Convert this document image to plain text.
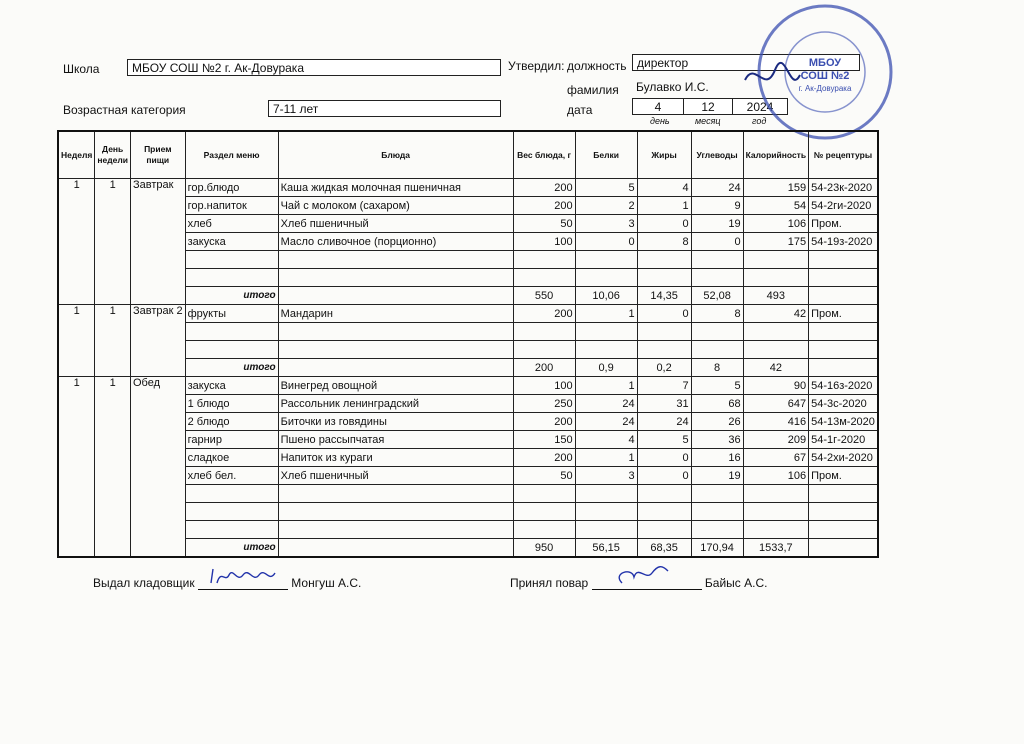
Школа	МБОУ СОШ №2 г. Ак-Довурака
Возрастная категория	7-11 лет
Утвердил: должность директор
фамилия	Булавко И.С.
дата	4	12	2024
день	месяц	год
МБОУ
СОШ №2
г. Ак-Довурака
Неделя	День недели	Прием пищи	Раздел меню	Блюда	Вес блюда, г	Белки	Жиры	Углеводы	Калорийность	№ рецептуры
1	1	Завтрак	гор.блюдо	Каша жидкая молочная пшеничная	200	5	4	24	159	54-23к-2020
			гор.напиток	Чай с молоком (сахаром)	200	2	1	9	54	54-2ги-2020
			хлеб	Хлеб пшеничный	50	3	0	19	106	Пром.
			закуска	Масло сливочное (порционно)	100	0	8	0	175	54-19з-2020

			итого		550	10,06	14,35	52,08	493	
1	1	Завтрак 2	фрукты	Мандарин	200	1	0	8	42	Пром.

			итого		200	0,9	0,2	8	42	
1	1	Обед	закуска	Винегред овощной	100	1	7	5	90	54-16з-2020
			1 блюдо	Рассольник ленинградский	250	24	31	68	647	54-3с-2020
			2 блюдо	Биточки из говядины	200	24	24	26	416	54-13м-2020
			гарнир	Пшено рассыпчатая	150	4	5	36	209	54-1г-2020
			сладкое	Напиток из кураги	200	1	0	16	67	54-2хи-2020
			хлеб бел.	Хлеб пшеничный	50	3	0	19	106	Пром.

			итого		950	56,15	68,35	170,94	1533,7	
Выдал кладовщик	Монгуш А.С.	Принял повар	Байыс А.С.
